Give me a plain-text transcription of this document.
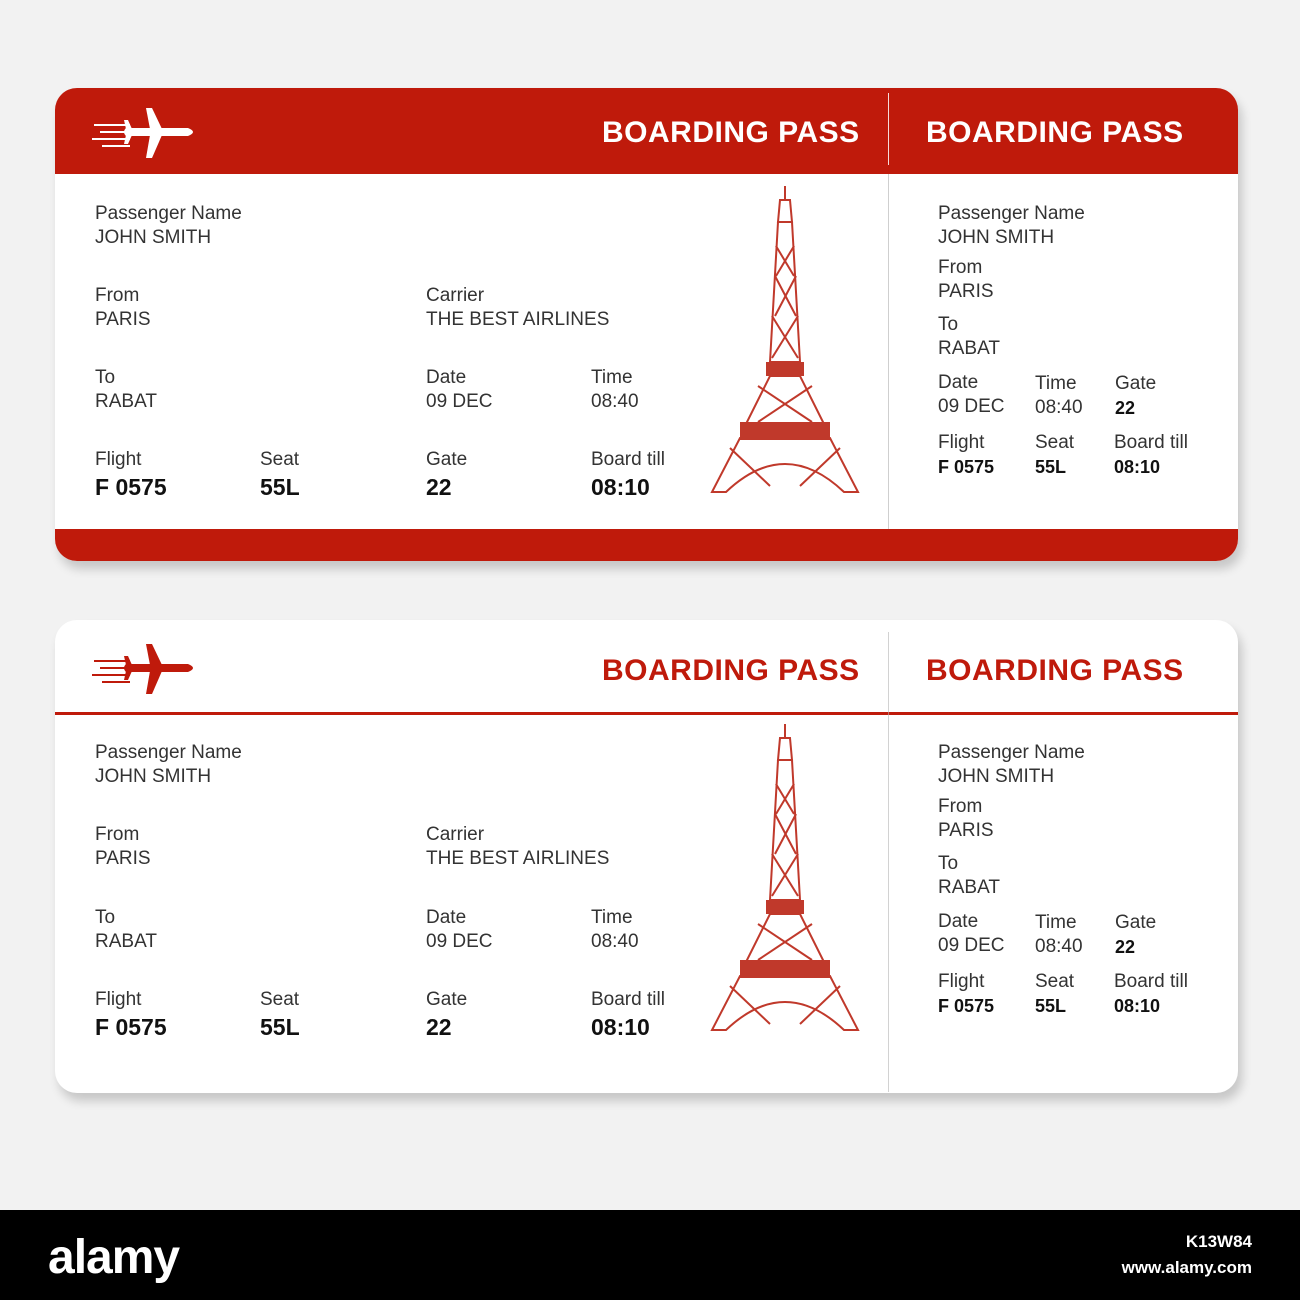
BOARDING PASS BOARDING PASS
Passenger Name
JOHN SMITH
From
PARIS
To
RABAT
Carrier
THE BEST AIRLINES
Date
09 DEC
Time
08:40
Flight
F 0575
Seat
55L
Gate
22
Board till
08:10
Passenger Name
JOHN SMITH
From
PARIS
To
RABAT
Date
09 DEC
Time
08:40
Gate
22
Flight
F 0575
Seat
55L
Board till
08:10
BOARDING PASS BOARDING PASS
Passenger Name
JOHN SMITH
From
PARIS
To
RABAT
Carrier
THE BEST AIRLINES
Date
09 DEC
Time
08:40
Flight
F 0575
Seat
55L
Gate
22
Board till
08:10
Passenger Name
JOHN SMITH
From
PARIS
To
RABAT
Date
09 DEC
Time
08:40
Gate
22
Flight
F 0575
Seat
55L
Board till
08:10
alamy	K13W84
www.alamy.com
